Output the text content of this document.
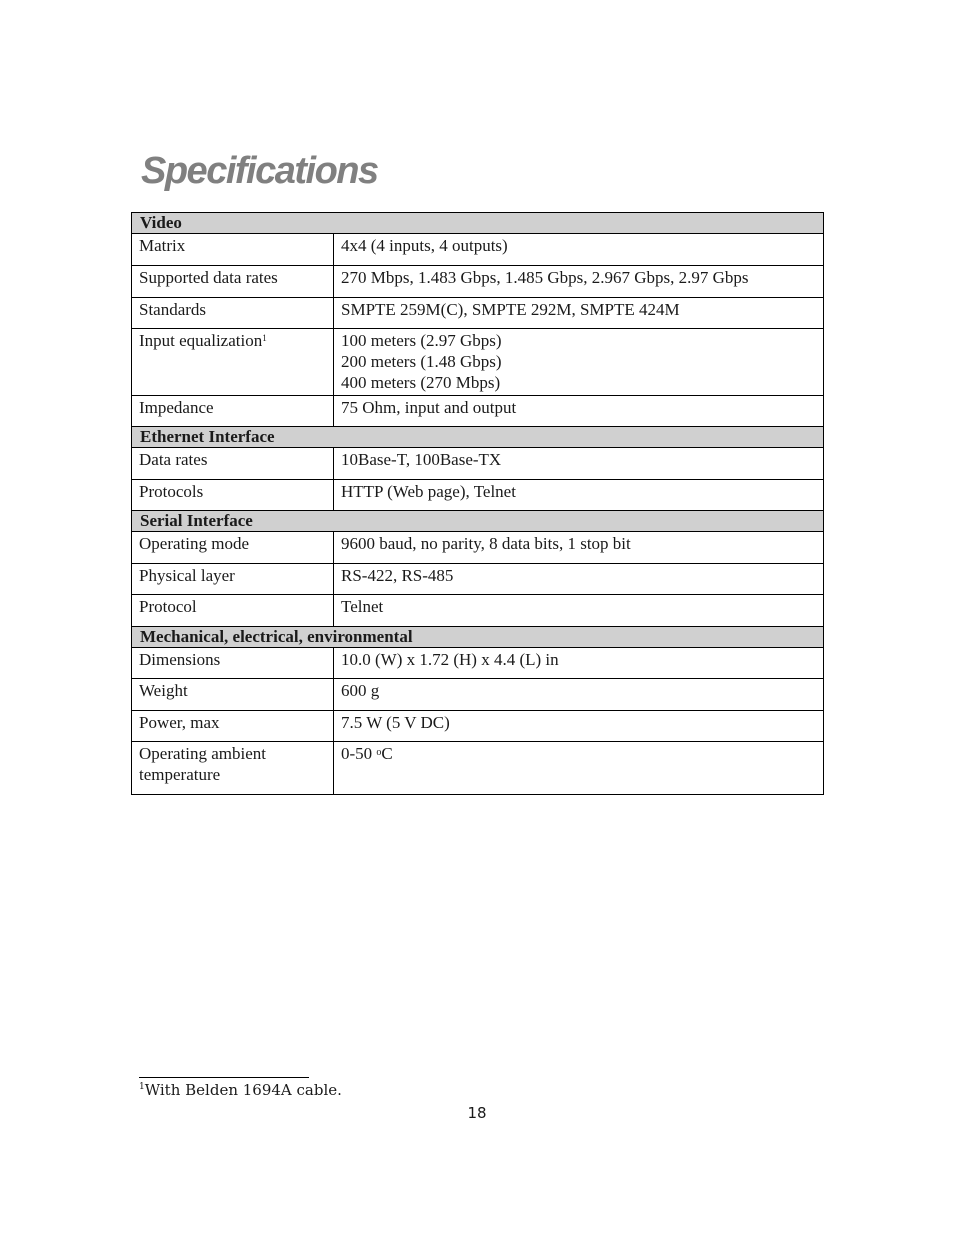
Specifications
Video	
Matrix	4x4 (4 inputs, 4 outputs)
Supported data rates	270 Mbps, 1.483 Gbps, 1.485 Gbps, 2.967 Gbps, 2.97 Gbps
Standards	SMPTE 259M(C), SMPTE 292M, SMPTE 424M
Input equalization$^1$	100 meters (2.97 Gbps)
200 meters (1.48 Gbps)
400 meters (270 Mbps)

Impedance	75 Ohm, input and output
Ethernet Interface	
Data rates	10Base-T, 100Base-TX
Protocols	HTTP (Web page), Telnet
Serial Interface	
Operating mode	9600 baud, no parity, 8 data bits, 1 stop bit
Physical layer	RS-422, RS-485
Protocol	Telnet
Mechanical, electrical, environmental	
Dimensions	10.0 (W) x 1.72 (H) x 4.4 (L) in
Weight	600 g
Power, max	7.5 W (5 V DC)
Operating ambient temperature	0-50 $^o$C
$^1$With Belden 1694A cable.
18
